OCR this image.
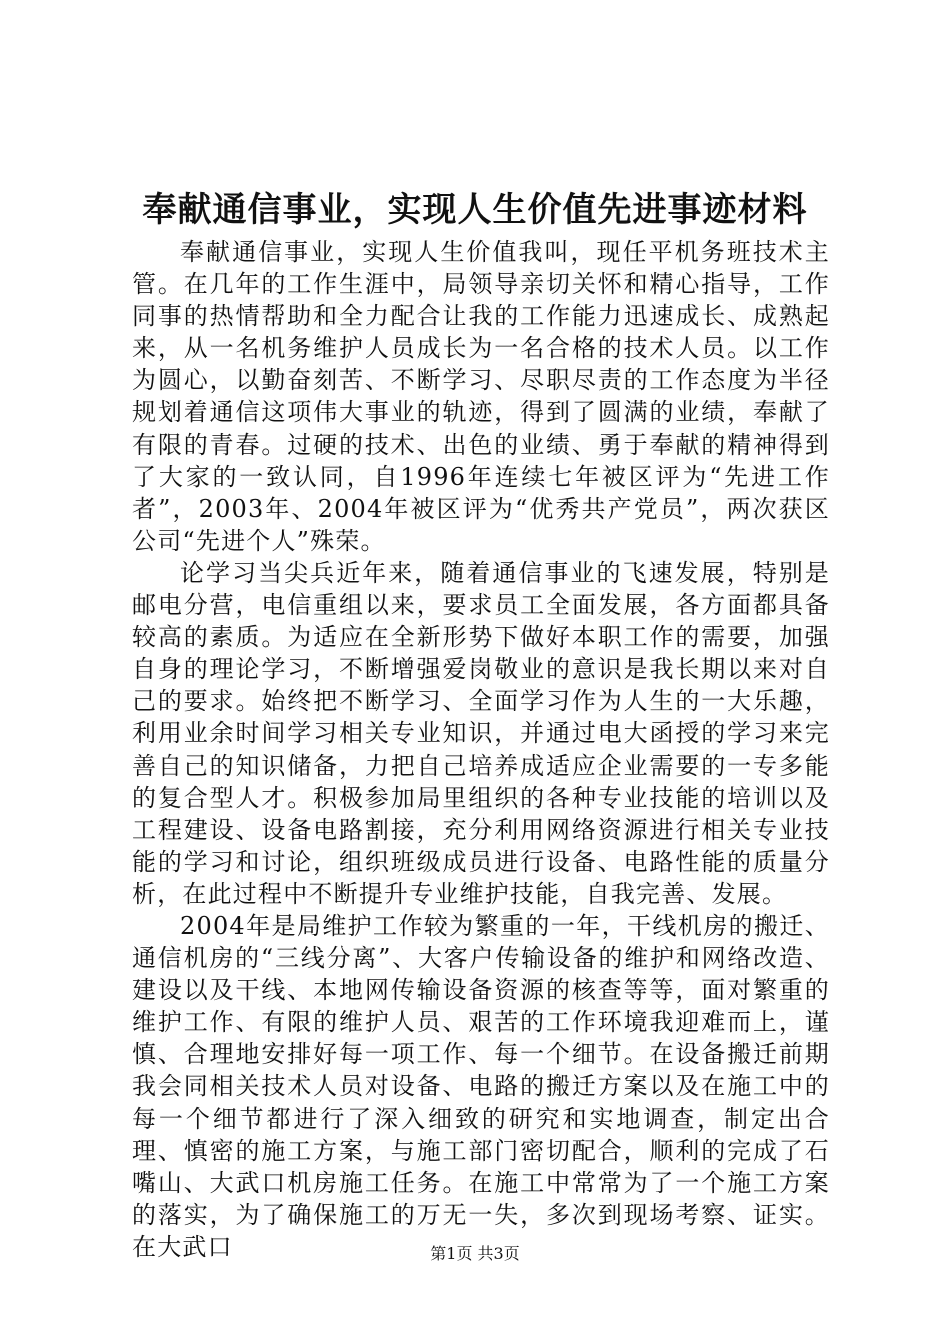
奉献通信事业，实现人生价值先进事迹材料

奉献通信事业，实现人生价值我叫，现任平机务班技术主管。在几年的工作生涯中，局领导亲切关怀和精心指导，工作同事的热情帮助和全力配合让我的工作能力迅速成长、成熟起来，从一名机务维护人员成长为一名合格的技术人员。以工作为圆心，以勤奋刻苦、不断学习、尽职尽责的工作态度为半径规划着通信这项伟大事业的轨迹，得到了圆满的业绩，奉献了有限的青春。过硬的技术、出色的业绩、勇于奉献的精神得到了大家的一致认同，自1996年连续七年被区评为“先进工作者”，2003年、2004年被区评为“优秀共产党员”，两次获区公司“先进个人”殊荣。

论学习当尖兵近年来，随着通信事业的飞速发展，特别是邮电分营，电信重组以来，要求员工全面发展，各方面都具备较高的素质。为适应在全新形势下做好本职工作的需要，加强自身的理论学习，不断增强爱岗敬业的意识是我长期以来对自己的要求。始终把不断学习、全面学习作为人生的一大乐趣，利用业余时间学习相关专业知识，并通过电大函授的学习来完善自己的知识储备，力把自己培养成适应企业需要的一专多能的复合型人才。积极参加局里组织的各种专业技能的培训以及工程建设、设备电路割接，充分利用网络资源进行相关专业技能的学习和讨论，组织班级成员进行设备、电路性能的质量分析，在此过程中不断提升专业维护技能，自我完善、发展。

2004年是局维护工作较为繁重的一年，干线机房的搬迁、通信机房的“三线分离”、大客户传输设备的维护和网络改造、建设以及干线、本地网传输设备资源的核查等等，面对繁重的维护工作、有限的维护人员、艰苦的工作环境我迎难而上，谨慎、合理地安排好每一项工作、每一个细节。在设备搬迁前期我会同相关技术人员对设备、电路的搬迁方案以及在施工中的每一个细节都进行了深入细致的研究和实地调查，制定出合理、慎密的施工方案，与施工部门密切配合，顺利的完成了石嘴山、大武口机房施工任务。在施工中常常为了一个施工方案的落实，为了确保施工的万无一失，多次到现场考察、证实。在大武口	第1页 共3页
